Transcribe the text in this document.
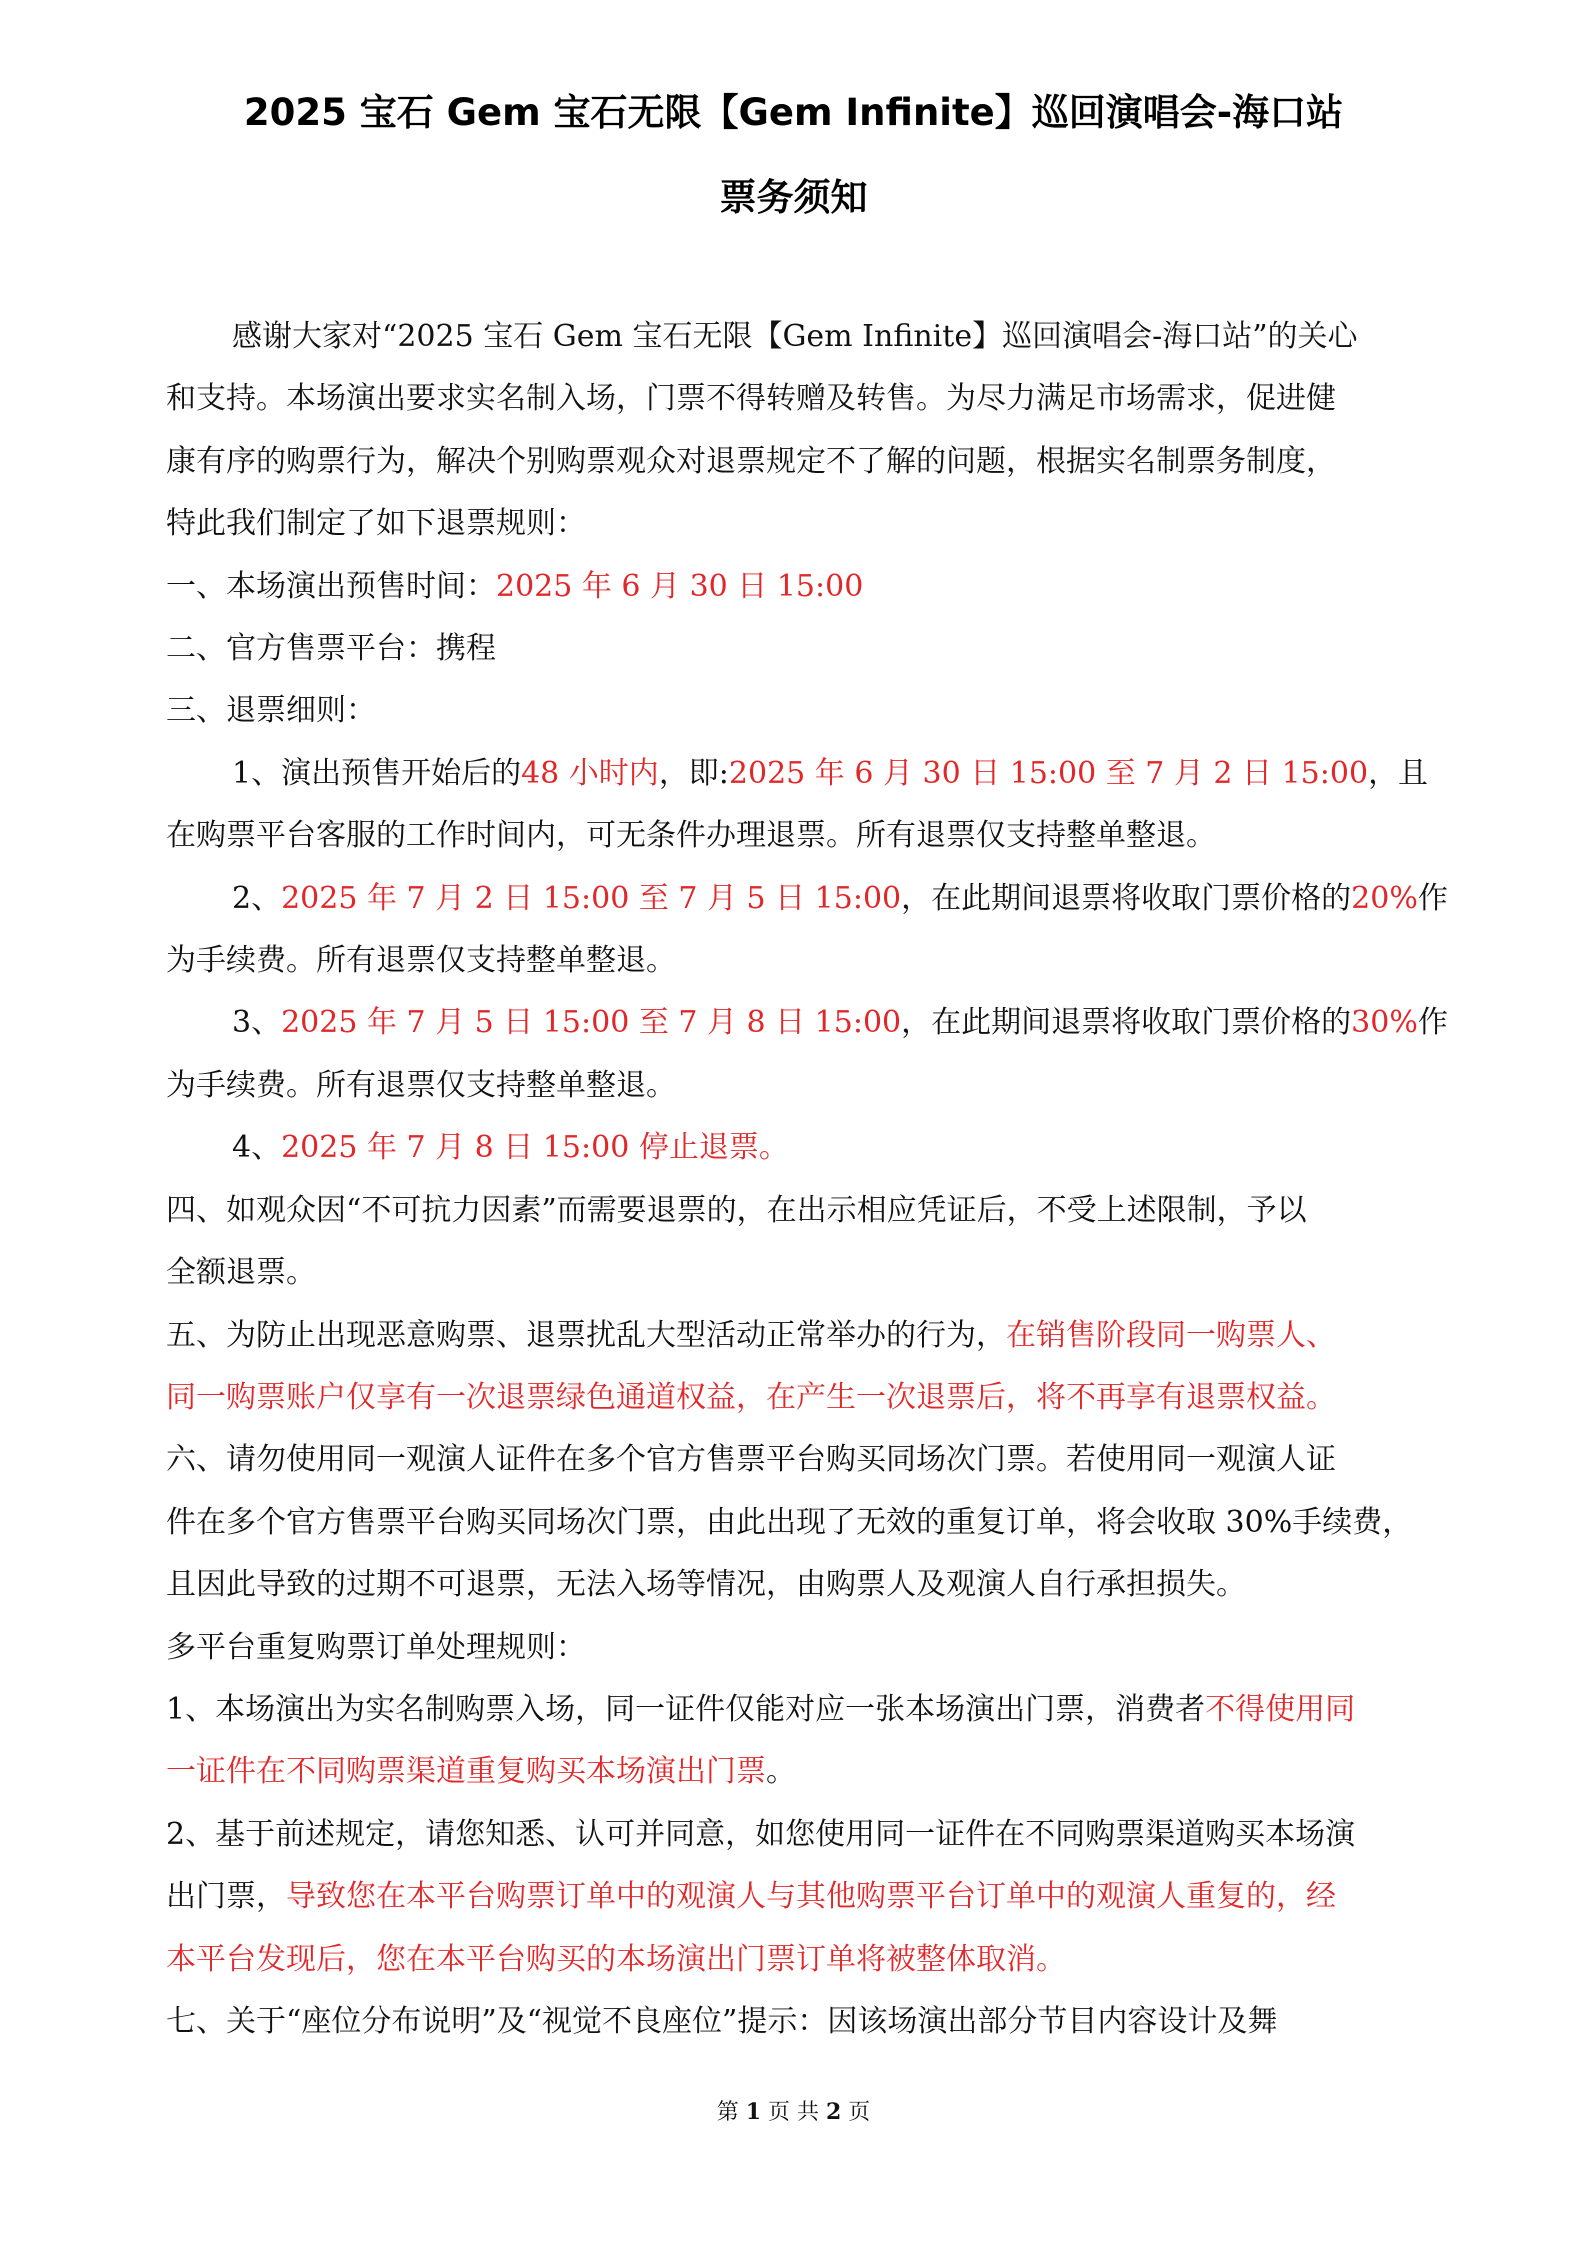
2025 宝石 Gem 宝石无限【Gem Infinite】巡回演唱会-海口站
票务须知

感谢大家对“2025 宝石 Gem 宝石无限【Gem Infinite】巡回演唱会-海口站”的关心

和支持。本场演出要求实名制入场，门票不得转赠及转售。为尽力满足市场需求，促进健

康有序的购票行为，解决个别购票观众对退票规定不了解的问题，根据实名制票务制度，

特此我们制定了如下退票规则：

一、本场演出预售时间：2025 年 6 月 30 日 15:00

二、官方售票平台：携程

三、退票细则：

1、演出预售开始后的48 小时内，即:2025 年 6 月 30 日 15:00 至 7 月 2 日 15:00，且

在购票平台客服的工作时间内，可无条件办理退票。所有退票仅支持整单整退。

2、2025 年 7 月 2 日 15:00 至 7 月 5 日 15:00，在此期间退票将收取门票价格的20%作

为手续费。所有退票仅支持整单整退。

3、2025 年 7 月 5 日 15:00 至 7 月 8 日 15:00，在此期间退票将收取门票价格的30%作

为手续费。所有退票仅支持整单整退。

4、2025 年 7 月 8 日 15:00 停止退票。

四、如观众因“不可抗力因素”而需要退票的，在出示相应凭证后，不受上述限制，予以

全额退票。

五、为防止出现恶意购票、退票扰乱大型活动正常举办的行为，在销售阶段同一购票人、

同一购票账户仅享有一次退票绿色通道权益，在产生一次退票后，将不再享有退票权益。

六、请勿使用同一观演人证件在多个官方售票平台购买同场次门票。若使用同一观演人证

件在多个官方售票平台购买同场次门票，由此出现了无效的重复订单，将会收取 30%手续费，

且因此导致的过期不可退票，无法入场等情况，由购票人及观演人自行承担损失。

多平台重复购票订单处理规则：

1、本场演出为实名制购票入场，同一证件仅能对应一张本场演出门票，消费者不得使用同

一证件在不同购票渠道重复购买本场演出门票。

2、基于前述规定，请您知悉、认可并同意，如您使用同一证件在不同购票渠道购买本场演

出门票，导致您在本平台购票订单中的观演人与其他购票平台订单中的观演人重复的，经

本平台发现后，您在本平台购买的本场演出门票订单将被整体取消。

七、关于“座位分布说明”及“视觉不良座位”提示：因该场演出部分节目内容设计及舞

第 1 页 共 2 页
